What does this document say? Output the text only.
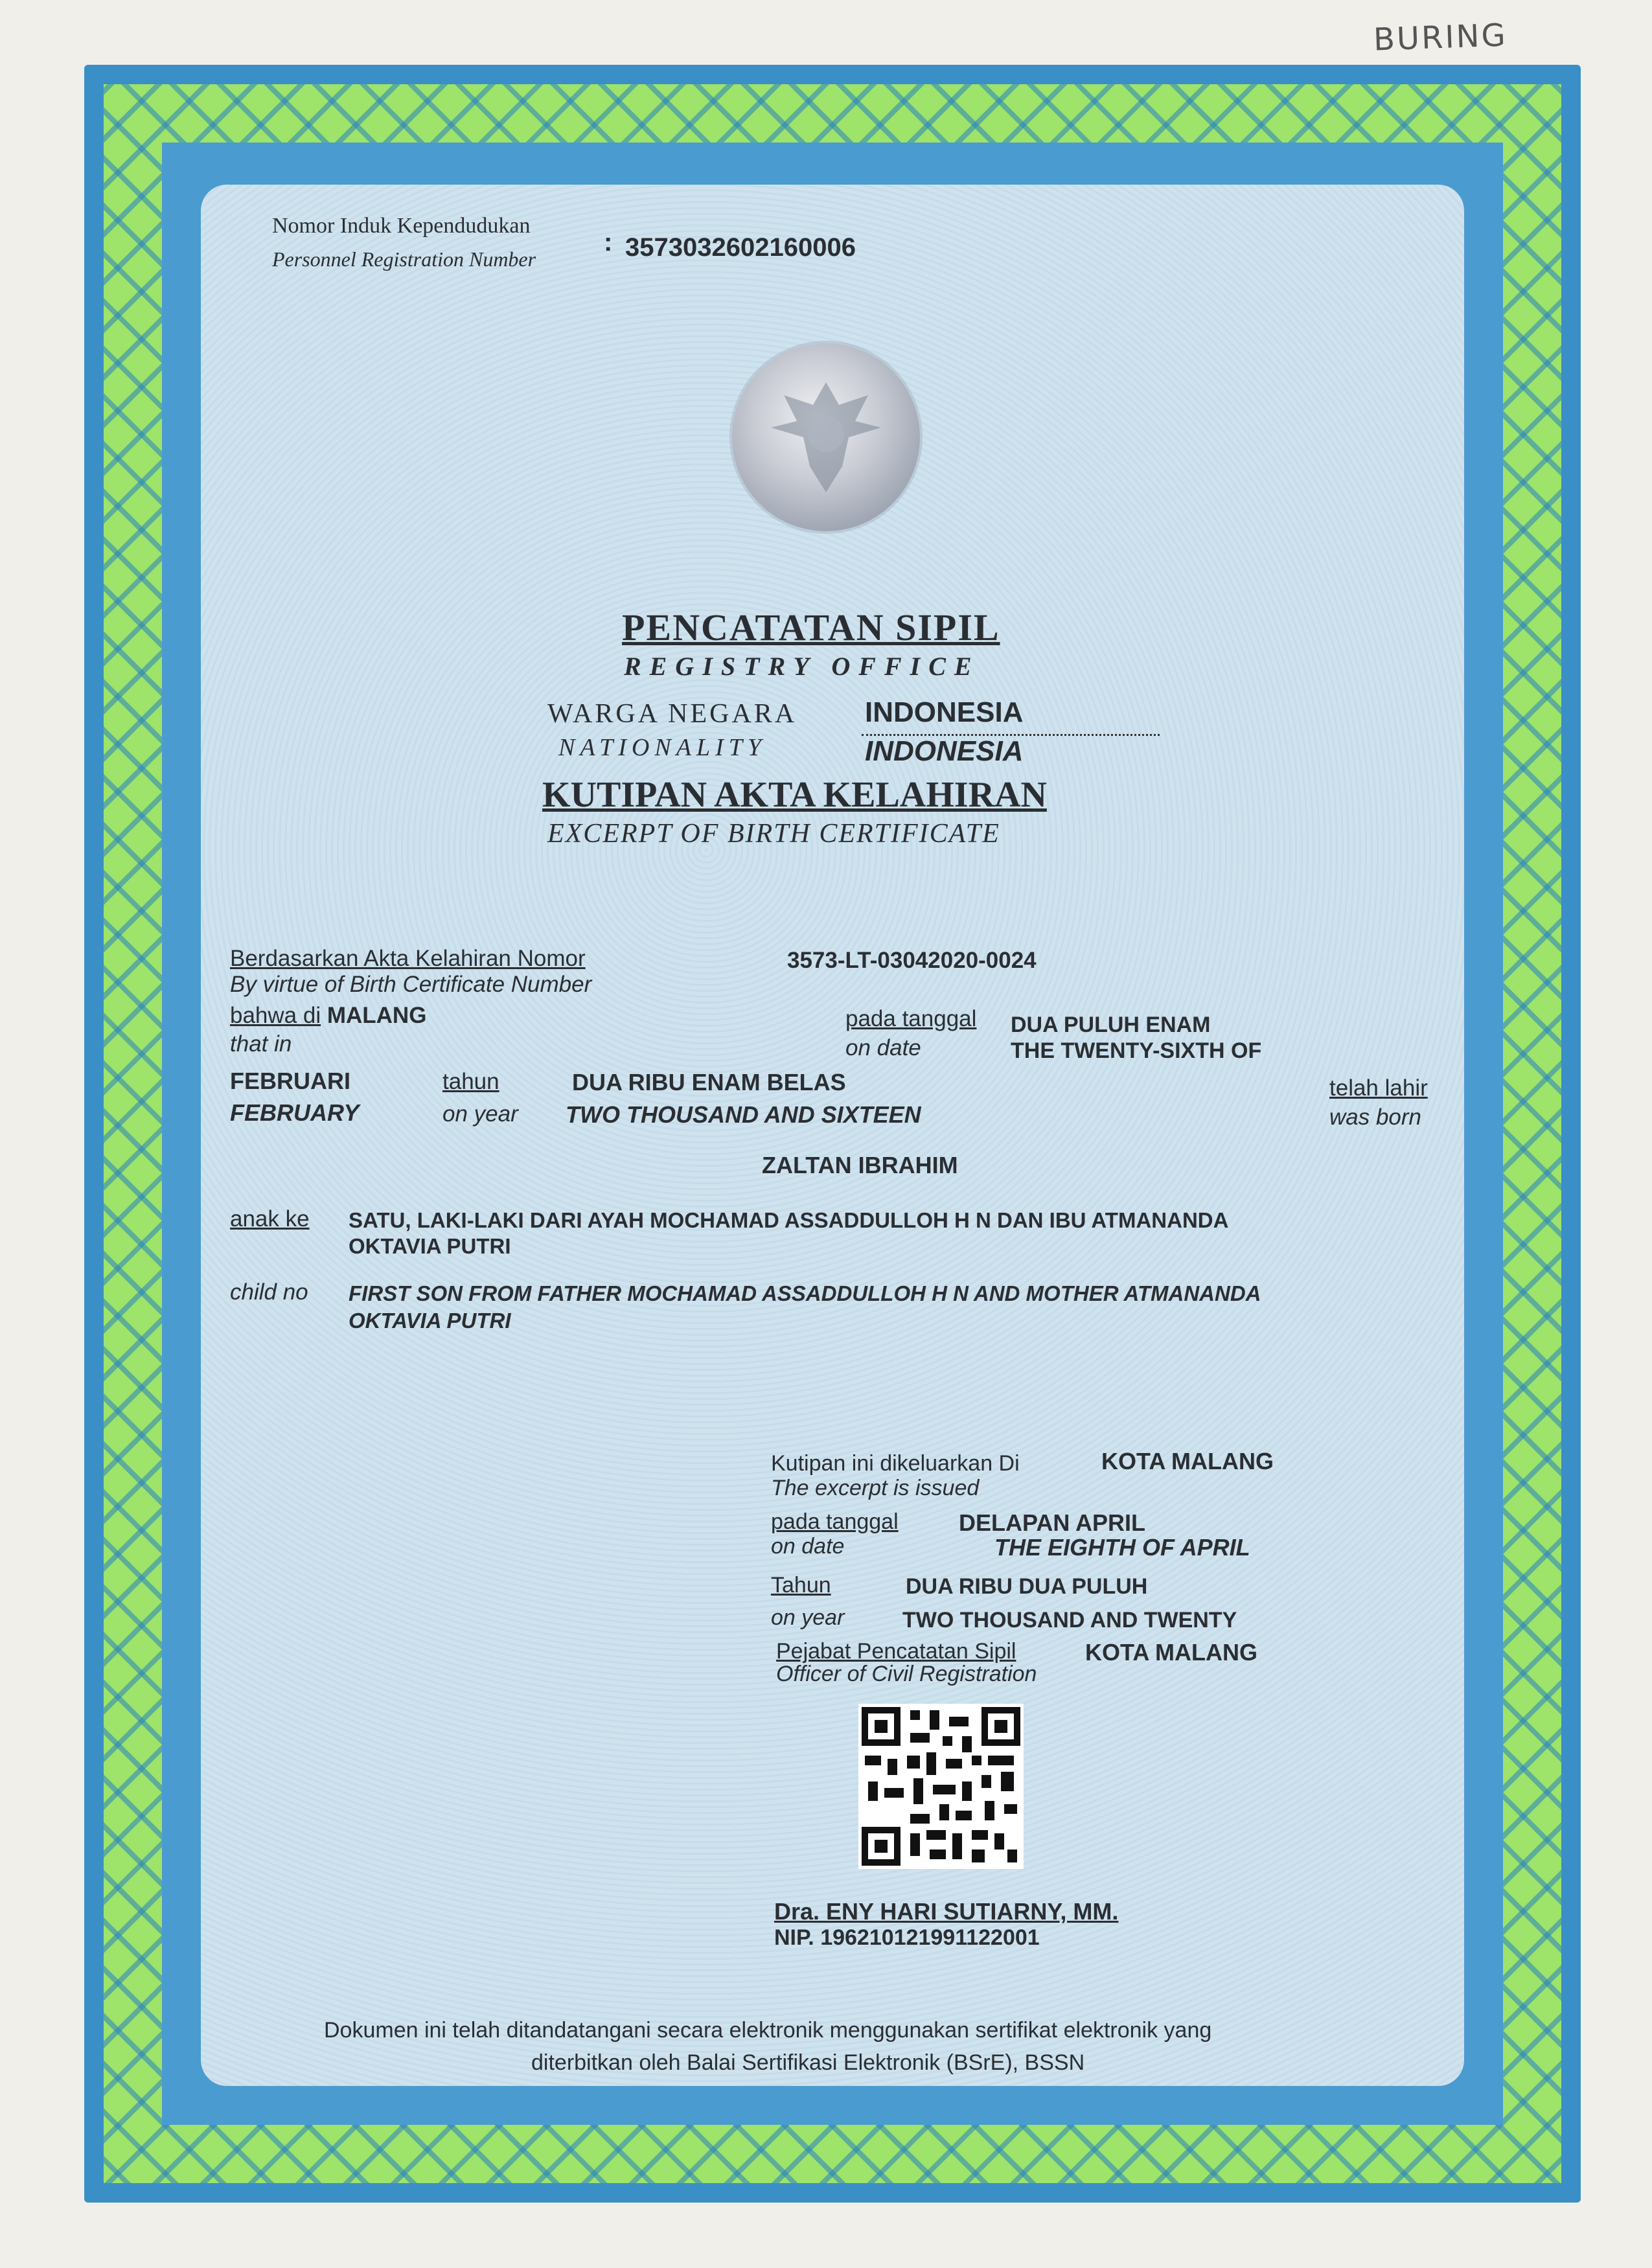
BURING
Nomor Induk Kependudukan
Personnel Registration Number
: 3573032602160006
PENCATATAN SIPIL
REGISTRY OFFICE
WARGA NEGARA
NATIONALITY
INDONESIA
INDONESIA
KUTIPAN AKTA KELAHIRAN
EXCERPT OF BIRTH CERTIFICATE
Berdasarkan Akta Kelahiran Nomor
By virtue of Birth Certificate Number
3573-LT-03042020-0024
bahwa di MALANG
that in
pada tanggal
on date
DUA PULUH ENAM
THE TWENTY-SIXTH OF
FEBRUARI
FEBRUARY
tahun
on year
DUA RIBU ENAM BELAS
TWO THOUSAND AND SIXTEEN
telah lahir
was born
ZALTAN IBRAHIM
anak ke SATU, LAKI-LAKI DARI AYAH MOCHAMAD ASSADDULLOH H N DAN IBU ATMANANDA
OKTAVIA PUTRI
child no FIRST SON FROM FATHER MOCHAMAD ASSADDULLOH H N AND MOTHER ATMANANDA
OKTAVIA PUTRI
Kutipan ini dikeluarkan Di
The excerpt is issued
KOTA MALANG
pada tanggal
on date
DELAPAN APRIL
THE EIGHTH OF APRIL
Tahun
on year
DUA RIBU DUA PULUH
TWO THOUSAND AND TWENTY
Pejabat Pencatatan Sipil
Officer of Civil Registration
KOTA MALANG
Dra. ENY HARI SUTIARNY, MM.
NIP. 196210121991122001
Dokumen ini telah ditandatangani secara elektronik menggunakan sertifikat elektronik yang
diterbitkan oleh Balai Sertifikasi Elektronik (BSrE), BSSN
